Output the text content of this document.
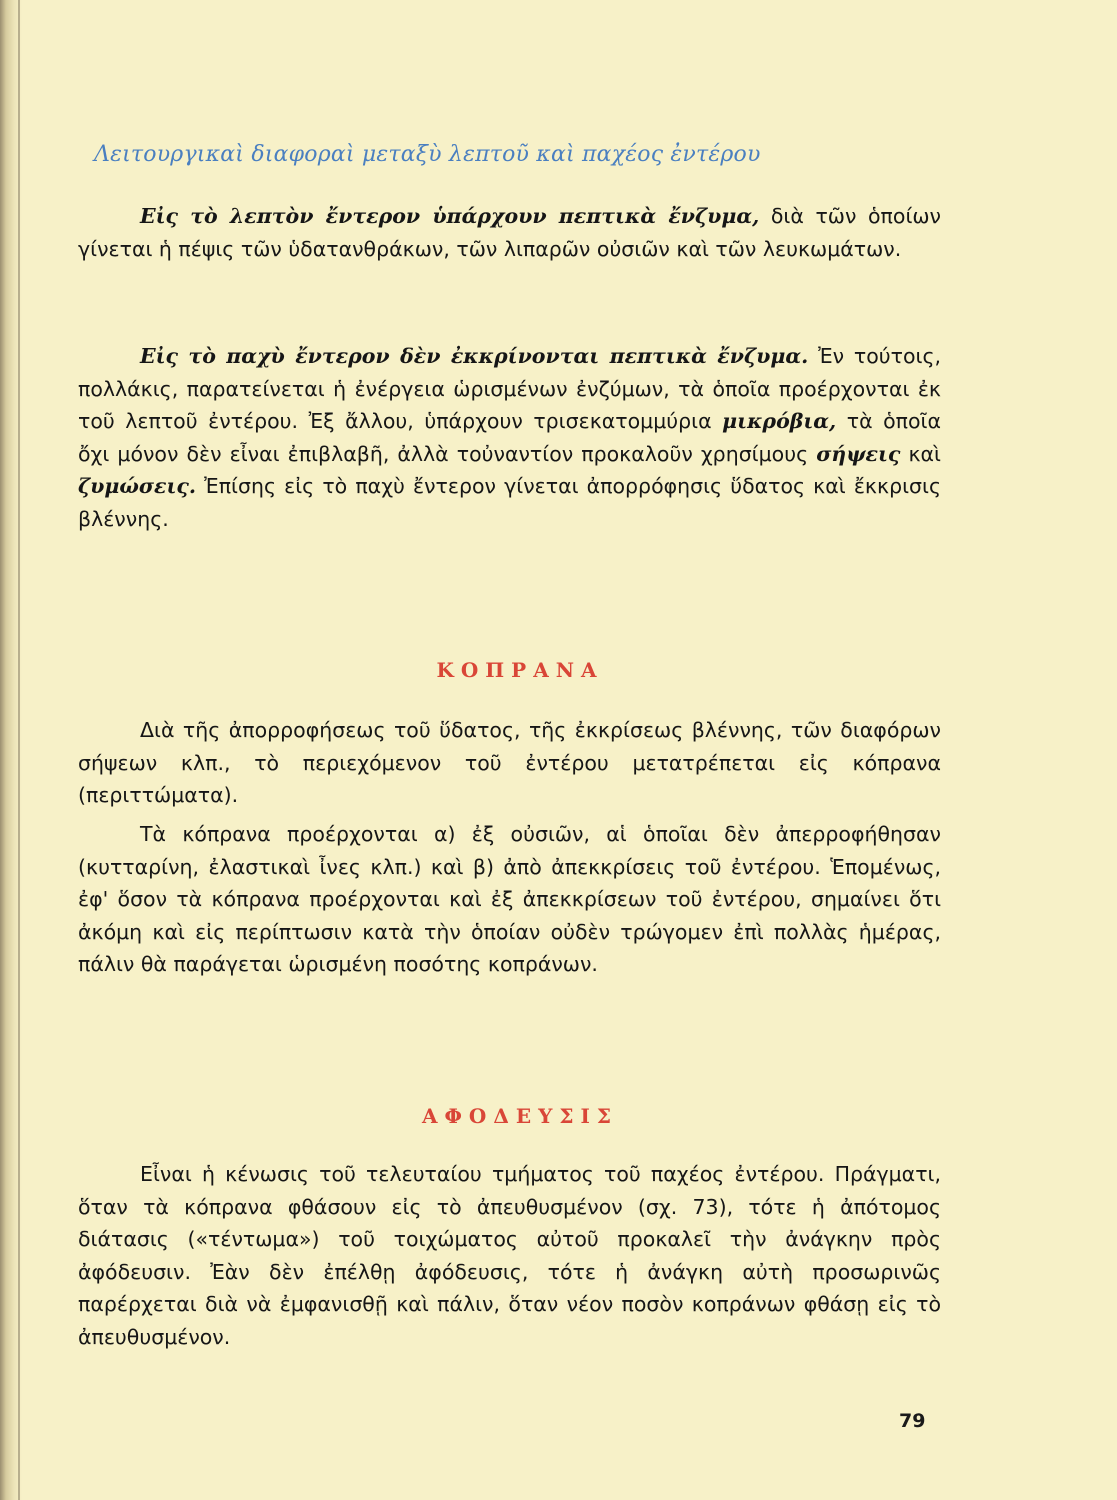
Λειτουργικαὶ διαφοραὶ μεταξὺ λεπτοῦ καὶ παχέος ἐντέρου

Εἰς τὸ λεπτὸν ἔντερον ὑπάρχουν πεπτικὰ ἔνζυμα, διὰ τῶν ὁποίων γίνεται ἡ πέψις τῶν ὑδατανθράκων, τῶν λιπαρῶν οὐσιῶν καὶ τῶν λευκωμάτων.

Εἰς τὸ παχὺ ἔντερον δὲν ἐκκρίνονται πεπτικὰ ἔνζυμα. Ἐν τούτοις, πολλάκις, παρατείνεται ἡ ἐνέργεια ὡρισμένων ἐνζύμων, τὰ ὁποῖα προέρχονται ἐκ τοῦ λεπτοῦ ἐντέρου. Ἐξ ἄλλου, ὑπάρχουν τρισεκατομμύρια μικρόβια, τὰ ὁποῖα ὄχι μόνον δὲν εἶναι ἐπιβλαβῆ, ἀλλὰ τοὐναντίον προκαλοῦν χρησίμους σήψεις καὶ ζυμώσεις. Ἐπίσης εἰς τὸ παχὺ ἔντερον γίνεται ἀπορρόφησις ὕδατος καὶ ἔκκρισις βλέννης.

Διὰ τῆς ἀπορροφήσεως τοῦ ὕδατος, τῆς ἐκκρίσεως βλέννης, τῶν διαφόρων σήψεων κλπ., τὸ περιεχόμενον τοῦ ἐντέρου μετατρέπεται εἰς κόπρανα (περιττώματα).

Τὰ κόπρανα προέρχονται α) ἐξ οὐσιῶν, αἱ ὁποῖαι δὲν ἀπερροφήθησαν (κυτταρίνη, ἐλαστικαὶ ἶνες κλπ.) καὶ β) ἀπὸ ἀπεκκρίσεις τοῦ ἐντέρου. Ἑπομένως, ἐφ' ὅσον τὰ κόπρανα προέρχονται καὶ ἐξ ἀπεκκρίσεων τοῦ ἐντέρου, σημαίνει ὅτι ἀκόμη καὶ εἰς περίπτωσιν κατὰ τὴν ὁποίαν οὐδὲν τρώγομεν ἐπὶ πολλὰς ἡμέρας, πάλιν θὰ παράγεται ὡρισμένη ποσότης κοπράνων.

Εἶναι ἡ κένωσις τοῦ τελευταίου τμήματος τοῦ παχέος ἐντέρου. Πράγματι, ὅταν τὰ κόπρανα φθάσουν εἰς τὸ ἀπευθυσμένον (σχ. 73), τότε ἡ ἀπότομος διάτασις («τέντωμα») τοῦ τοιχώματος αὐτοῦ προκαλεῖ τὴν ἀνάγκην πρὸς ἀφόδευσιν. Ἐὰν δὲν ἐπέλθῃ ἀφόδευσις, τότε ἡ ἀνάγκη αὐτὴ προσωρινῶς παρέρχεται διὰ νὰ ἐμφανισθῇ καὶ πάλιν, ὅταν νέον ποσὸν κοπράνων φθάσῃ εἰς τὸ ἀπευθυσμένον.

ΚΟΠΡΑΝΑ
ΑΦΟΔΕΥΣΙΣ
79
